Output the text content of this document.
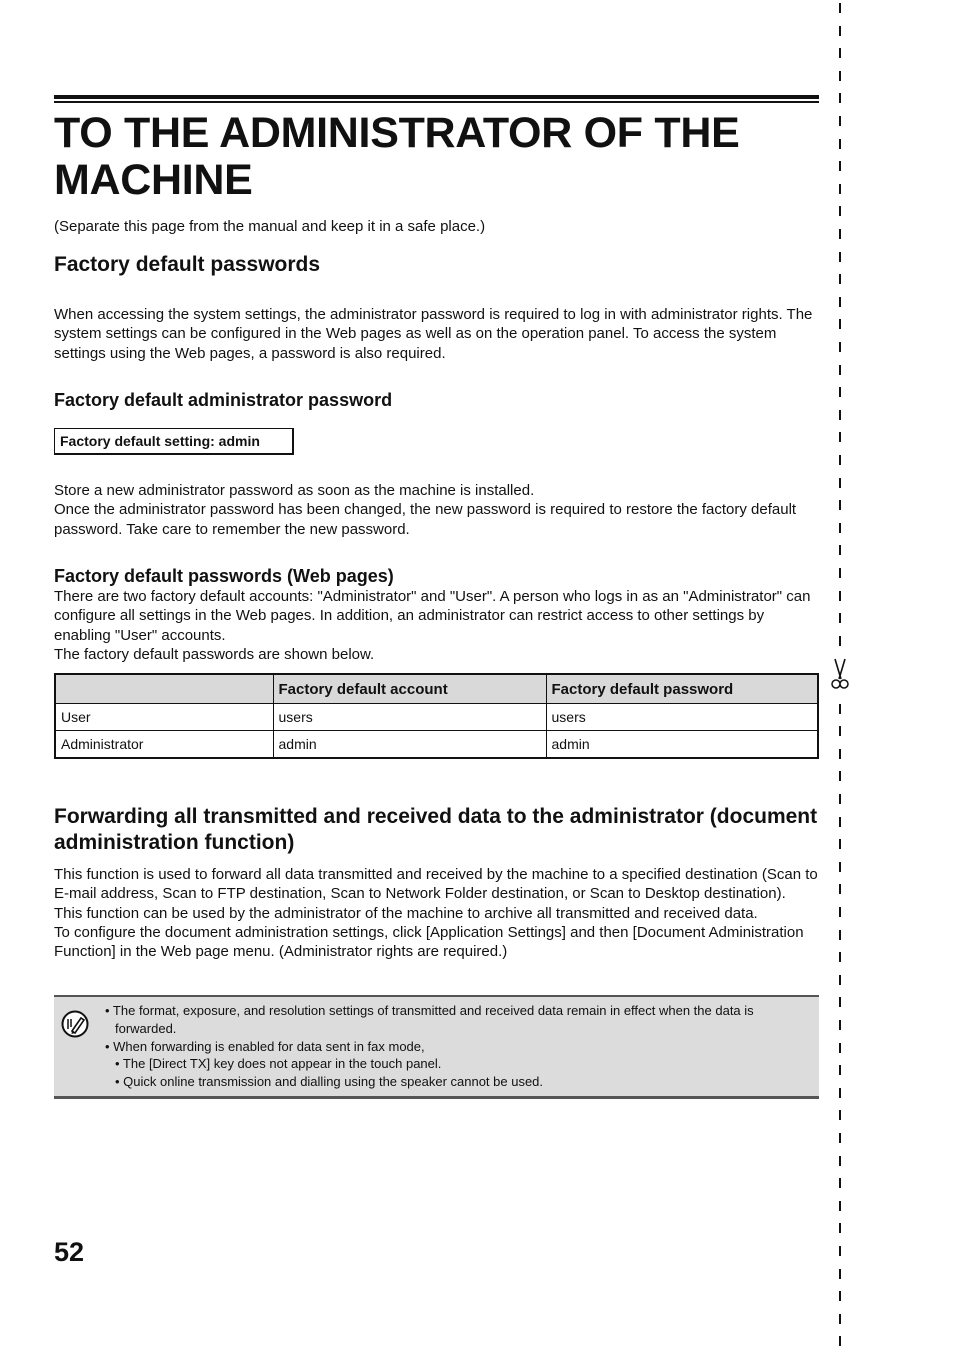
TO THE ADMINISTRATOR OF THE MACHINE
(Separate this page from the manual and keep it in a safe place.)
Factory default passwords
When accessing the system settings, the administrator password is required to log in with administrator rights. The system settings can be configured in the Web pages as well as on the operation panel. To access the system settings using the Web pages, a password is also required.
Factory default administrator password
Factory default setting: admin
Store a new administrator password as soon as the machine is installed.
Once the administrator password has been changed, the new password is required to restore the factory default password. Take care to remember the new password.
Factory default passwords (Web pages)
There are two factory default accounts: "Administrator" and "User". A person who logs in as an "Administrator" can configure all settings in the Web pages. In addition, an administrator can restrict access to other settings by enabling "User" accounts.
The factory default passwords are shown below.
	Factory default account	Factory default password
User	users	users
Administrator	admin	admin
Forwarding all transmitted and received data to the administrator (document administration function)
This function is used to forward all data transmitted and received by the machine to a specified destination (Scan to E-mail address, Scan to FTP destination, Scan to Network Folder destination, or Scan to Desktop destination).
This function can be used by the administrator of the machine to archive all transmitted and received data.
To configure the document administration settings, click [Application Settings] and then [Document Administration Function] in the Web page menu. (Administrator rights are required.)
• The format, exposure, and resolution settings of transmitted and received data remain in effect when the data is forwarded.
• When forwarding is enabled for data sent in fax mode,
• The [Direct TX] key does not appear in the touch panel.
• Quick online transmission and dialling using the speaker cannot be used.
52
